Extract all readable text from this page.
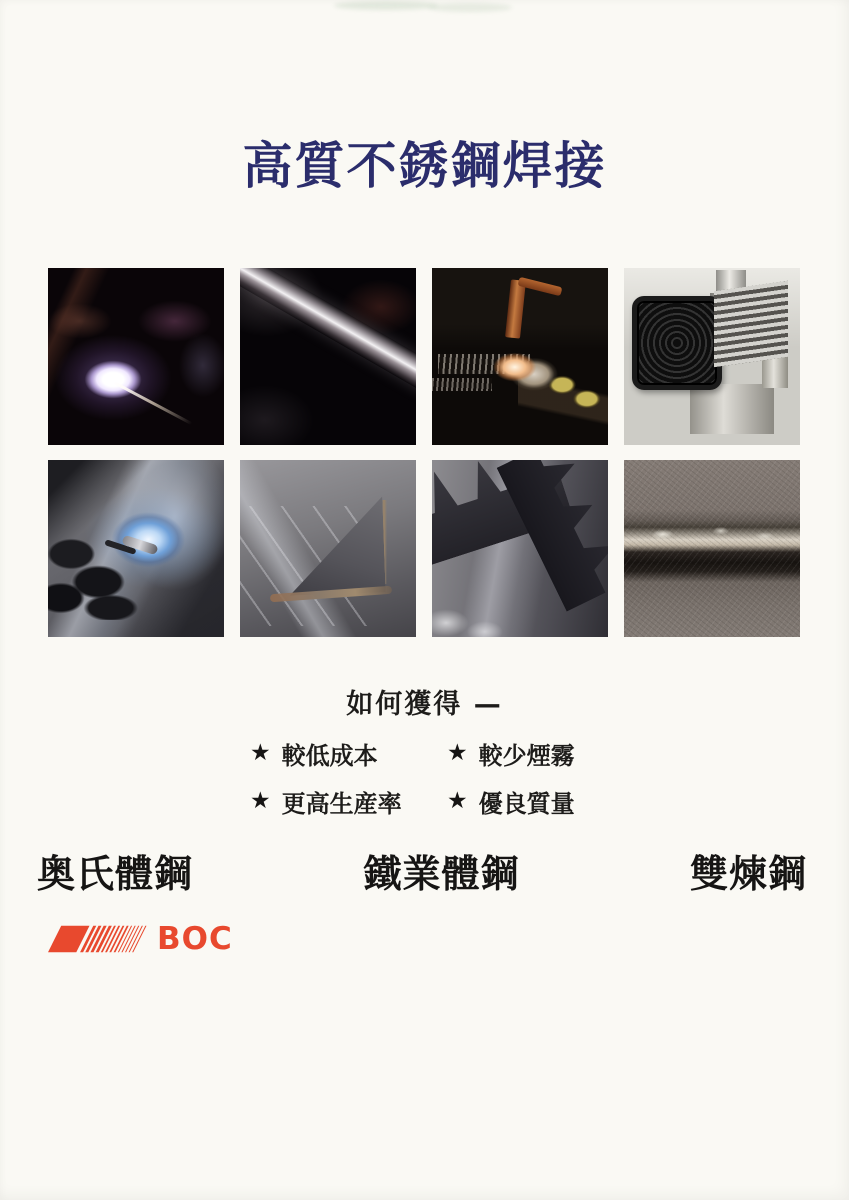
高質不銹鋼焊接
如何獲得 —
★ 較低成本	★ 較少煙霧
★ 更高生産率 ★ 優良質量
奥氏體鋼	鐵業體鋼	雙煉鋼
BOC
